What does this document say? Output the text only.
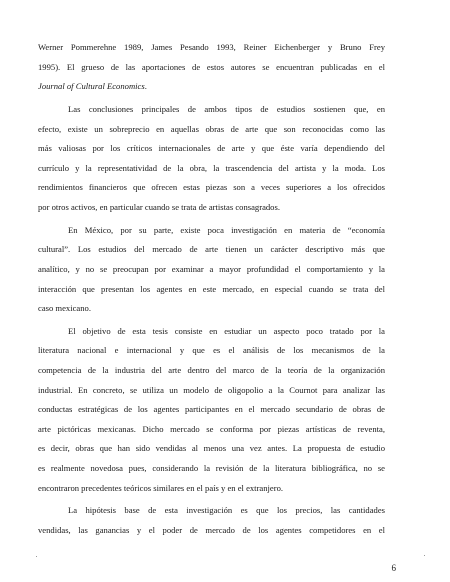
Werner Pommerehne 1989, James Pesando 1993, Reiner Eichenberger y Bruno Frey
1995). El grueso de las aportaciones de estos autores se encuentran publicadas en el
Journal of Cultural Economics.

Las conclusiones principales de ambos tipos de estudios sostienen que, en
efecto, existe un sobreprecio en aquellas obras de arte que son reconocidas como las
más valiosas por los críticos internacionales de arte y que éste varía dependiendo del
currículo y la representatividad de la obra, la trascendencia del artista y la moda. Los
rendimientos financieros que ofrecen estas piezas son a veces superiores a los ofrecidos
por otros activos, en particular cuando se trata de artistas consagrados.

En México, por su parte, existe poca investigación en materia de “economía
cultural”. Los estudios del mercado de arte tienen un carácter descriptivo más que
analítico, y no se preocupan por examinar a mayor profundidad el comportamiento y la
interacción que presentan los agentes en este mercado, en especial cuando se trata del
caso mexicano.

El objetivo de esta tesis consiste en estudiar un aspecto poco tratado por la
literatura nacional e internacional y que es el análisis de los mecanismos de la
competencia de la industria del arte dentro del marco de la teoría de la organización
industrial. En concreto, se utiliza un modelo de oligopolio a la Cournot para analizar las
conductas estratégicas de los agentes participantes en el mercado secundario de obras de
arte pictóricas mexicanas. Dicho mercado se conforma por piezas artísticas de reventa,
es decir, obras que han sido vendidas al menos una vez antes. La propuesta de estudio
es realmente novedosa pues, considerando la revisión de la literatura bibliográfica, no se
encontraron precedentes teóricos similares en el país y en el extranjero.

La hipótesis base de esta investigación es que los precios, las cantidades
vendidas, las ganancias y el poder de mercado de los agentes competidores en el

6
